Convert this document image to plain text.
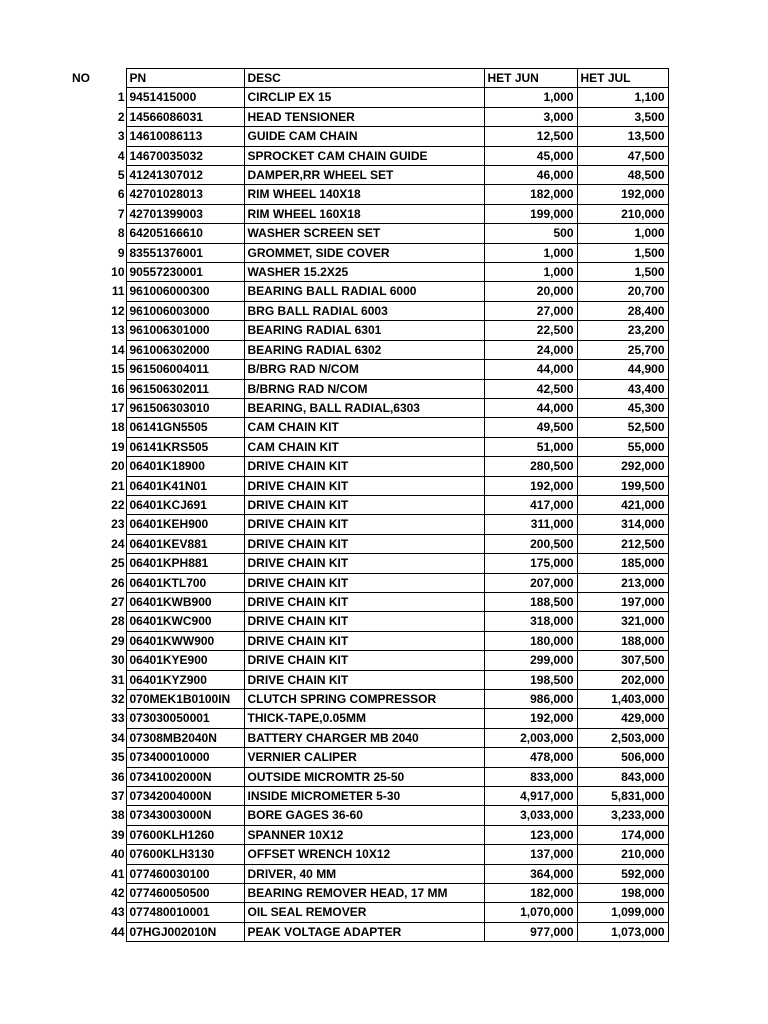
NO	PN	DESC	HET JUN	HET JUL
1	9451415000	CIRCLIP EX 15	1,000	1,100
2	14566086031	HEAD TENSIONER	3,000	3,500
3	14610086113	GUIDE CAM CHAIN	12,500	13,500
4	14670035032	SPROCKET CAM CHAIN GUIDE	45,000	47,500
5	41241307012	DAMPER,RR WHEEL SET	46,000	48,500
6	42701028013	RIM WHEEL 140X18	182,000	192,000
7	42701399003	RIM WHEEL 160X18	199,000	210,000
8	64205166610	WASHER SCREEN SET	500	1,000
9	83551376001	GROMMET, SIDE COVER	1,000	1,500
10	90557230001	WASHER 15.2X25	1,000	1,500
11	961006000300	BEARING BALL RADIAL 6000	20,000	20,700
12	961006003000	BRG BALL RADIAL 6003	27,000	28,400
13	961006301000	BEARING RADIAL 6301	22,500	23,200
14	961006302000	BEARING RADIAL 6302	24,000	25,700
15	961506004011	B/BRG RAD N/COM	44,000	44,900
16	961506302011	B/BRNG RAD N/COM	42,500	43,400
17	961506303010	BEARING, BALL RADIAL,6303	44,000	45,300
18	06141GN5505	CAM CHAIN KIT	49,500	52,500
19	06141KRS505	CAM CHAIN KIT	51,000	55,000
20	06401K18900	DRIVE CHAIN KIT	280,500	292,000
21	06401K41N01	DRIVE CHAIN KIT	192,000	199,500
22	06401KCJ691	DRIVE CHAIN KIT	417,000	421,000
23	06401KEH900	DRIVE CHAIN KIT	311,000	314,000
24	06401KEV881	DRIVE CHAIN KIT	200,500	212,500
25	06401KPH881	DRIVE CHAIN KIT	175,000	185,000
26	06401KTL700	DRIVE CHAIN KIT	207,000	213,000
27	06401KWB900	DRIVE CHAIN KIT	188,500	197,000
28	06401KWC900	DRIVE CHAIN KIT	318,000	321,000
29	06401KWW900	DRIVE CHAIN KIT	180,000	188,000
30	06401KYE900	DRIVE CHAIN KIT	299,000	307,500
31	06401KYZ900	DRIVE CHAIN KIT	198,500	202,000
32	070MEK1B0100IN	CLUTCH SPRING COMPRESSOR	986,000	1,403,000
33	073030050001	THICK-TAPE,0.05MM	192,000	429,000
34	07308MB2040N	BATTERY CHARGER MB 2040	2,003,000	2,503,000
35	073400010000	VERNIER CALIPER	478,000	506,000
36	07341002000N	OUTSIDE MICROMTR 25-50	833,000	843,000
37	07342004000N	INSIDE MICROMETER 5-30	4,917,000	5,831,000
38	07343003000N	BORE GAGES 36-60	3,033,000	3,233,000
39	07600KLH1260	SPANNER 10X12	123,000	174,000
40	07600KLH3130	OFFSET WRENCH 10X12	137,000	210,000
41	077460030100	DRIVER, 40 MM	364,000	592,000
42	077460050500	BEARING REMOVER HEAD, 17 MM	182,000	198,000
43	077480010001	OIL SEAL REMOVER	1,070,000	1,099,000
44	07HGJ002010N	PEAK VOLTAGE ADAPTER	977,000	1,073,000
